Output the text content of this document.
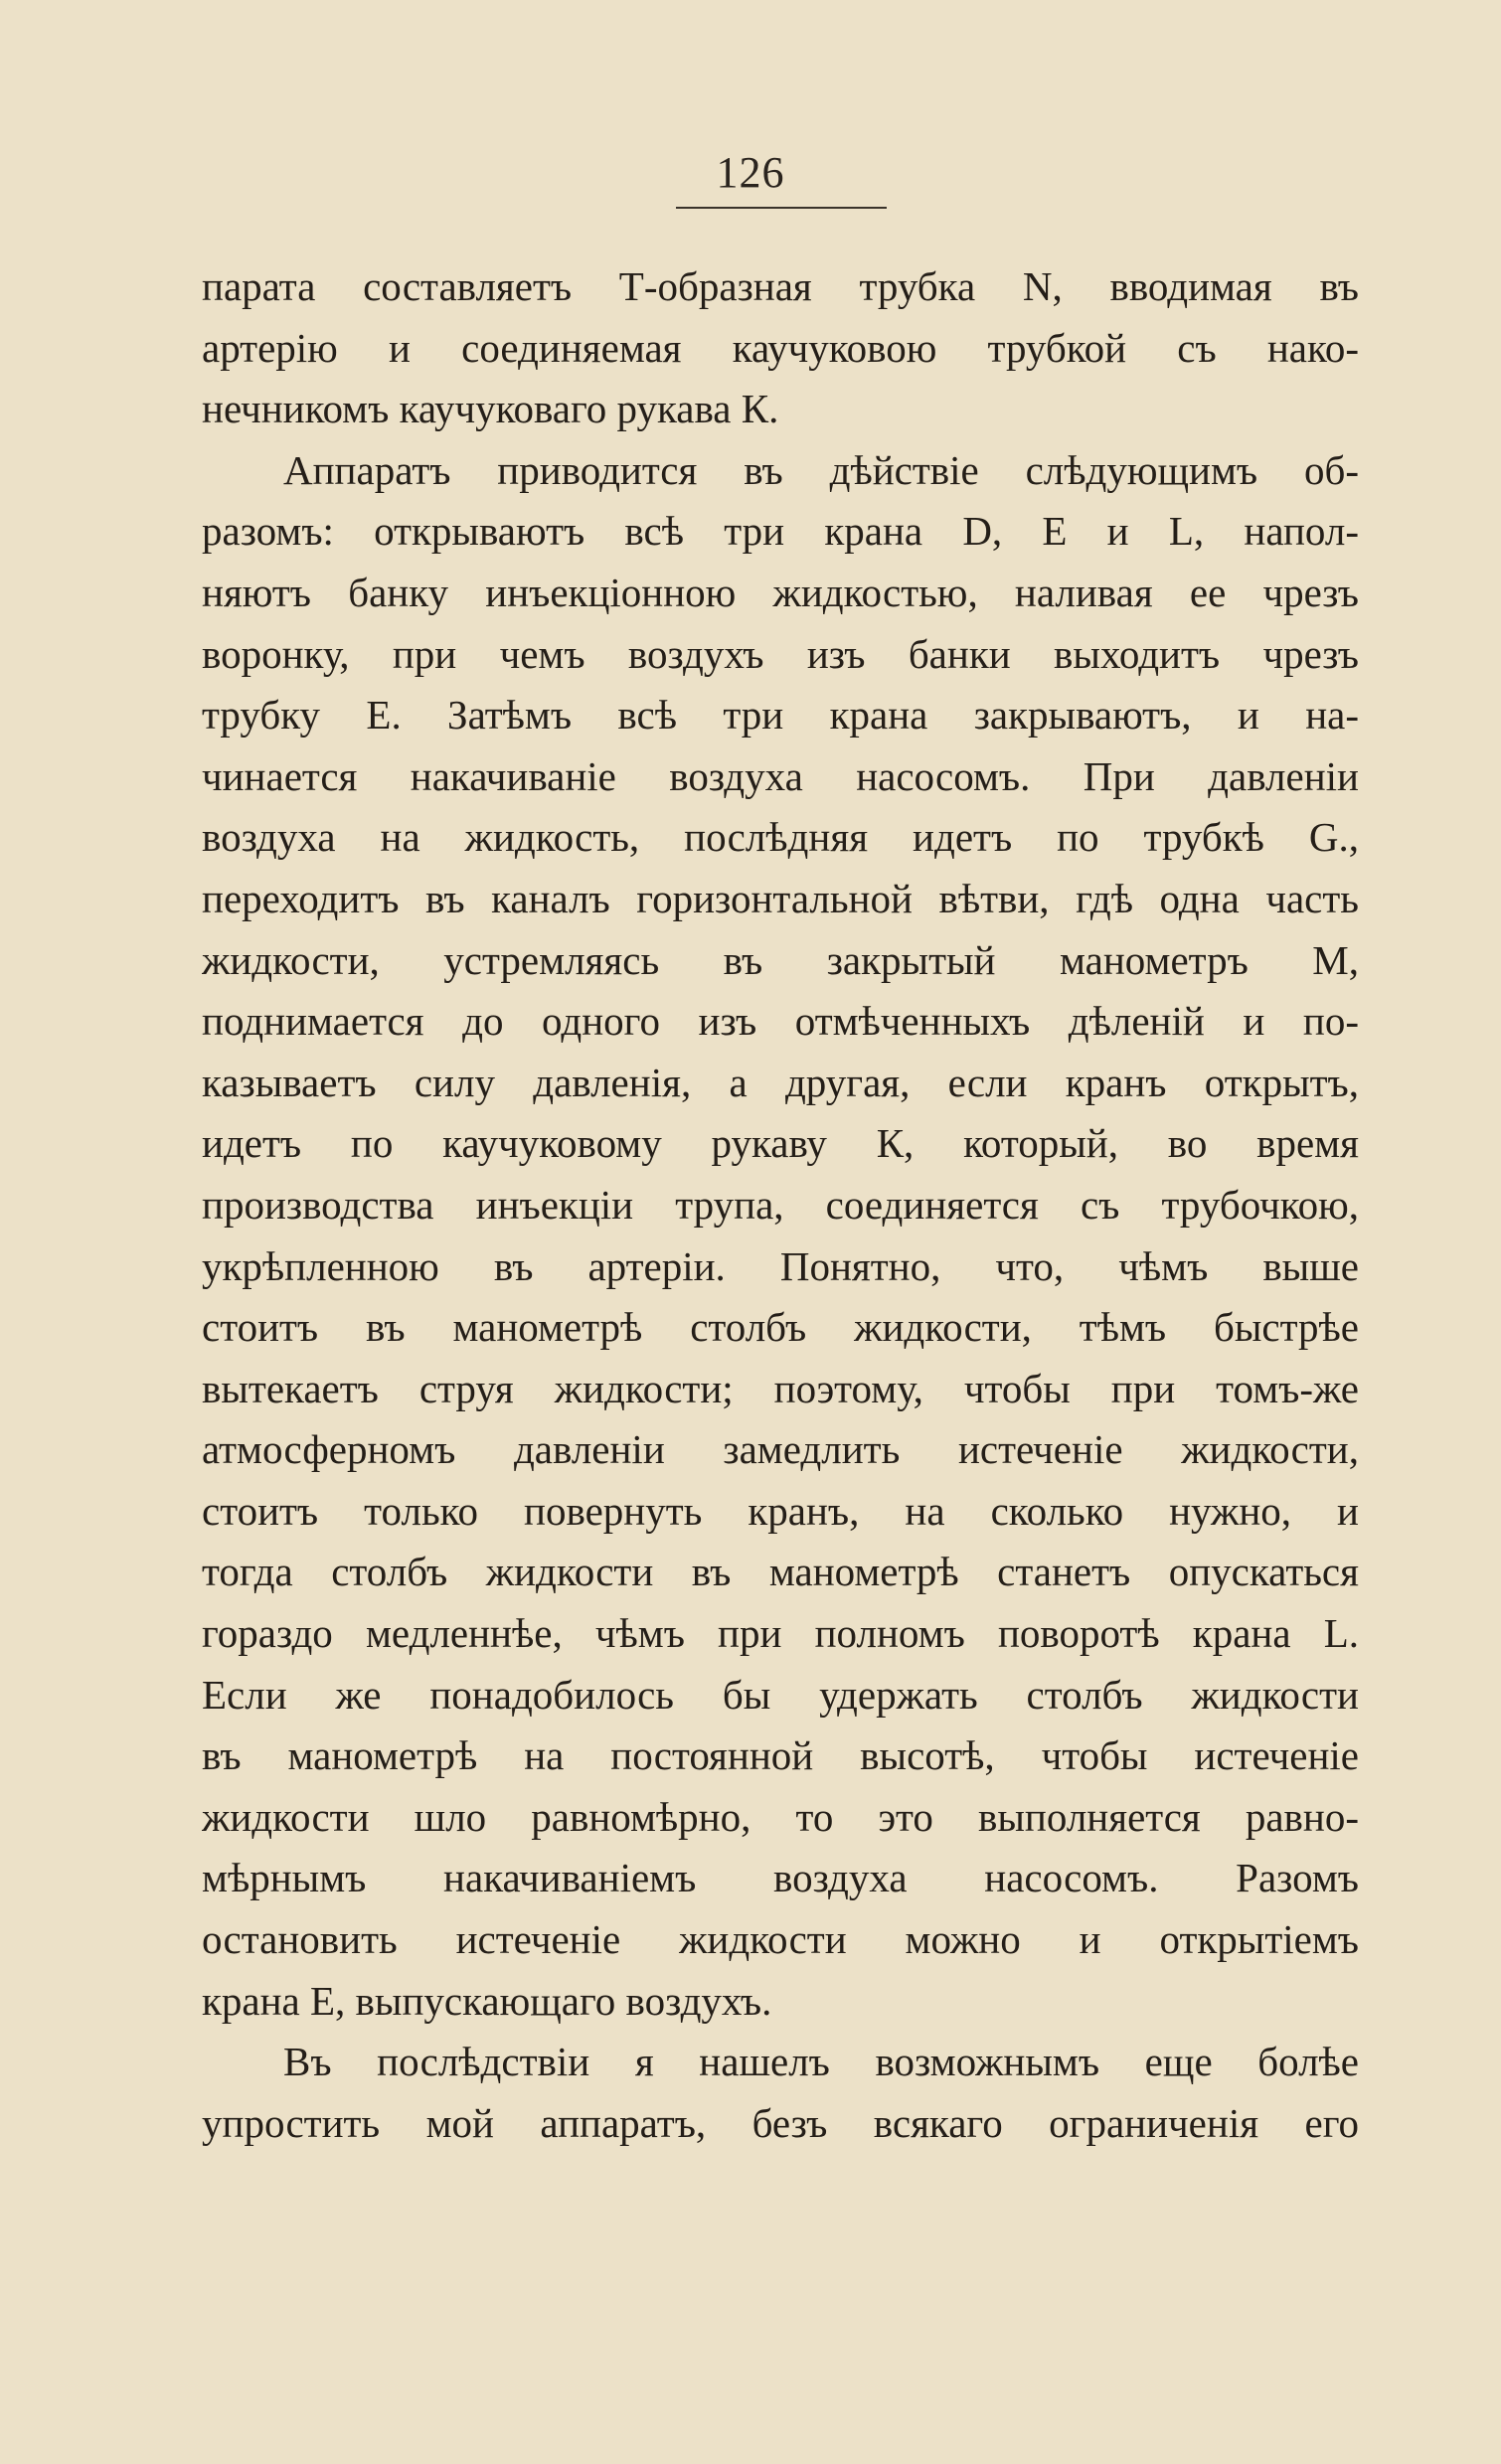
126

парата составляетъ Т-образная трубка N, вводимая въ

артерію и соединяемая каучуковою трубкой съ нако-

нечникомъ каучуковаго рукава К.

Аппаратъ приводится въ дѣйствіе слѣдующимъ об-

разомъ: открываютъ всѣ три крана D, E и L, напол-

няютъ банку инъекціонною жидкостью, наливая ее чрезъ

воронку, при чемъ воздухъ изъ банки выходитъ чрезъ

трубку E. Затѣмъ всѣ три крана закрываютъ, и на-

чинается накачиваніе воздуха насосомъ. При давленіи

воздуха на жидкость, послѣдняя идетъ по трубкѣ G.,

переходитъ въ каналъ горизонтальной вѣтви, гдѣ одна часть

жидкости, устремляясь въ закрытый манометръ M,

поднимается до одного изъ отмѣченныхъ дѣленій и по-

казываетъ силу давленія, а другая, если кранъ открытъ,

идетъ по каучуковому рукаву К, который, во время

производства инъекціи трупа, соединяется съ трубочкою,

укрѣпленною въ артеріи. Понятно, что, чѣмъ выше

стоитъ въ манометрѣ столбъ жидкости, тѣмъ быстрѣе

вытекаетъ струя жидкости; поэтому, чтобы при томъ-же

атмосферномъ давленіи замедлить истеченіе жидкости,

стоитъ только повернуть кранъ, на сколько нужно, и

тогда столбъ жидкости въ манометрѣ станетъ опускаться

гораздо медленнѣе, чѣмъ при полномъ поворотѣ крана L.

Если же понадобилось бы удержать столбъ жидкости

въ манометрѣ на постоянной высотѣ, чтобы истеченіе

жидкости шло равномѣрно, то это выполняется равно-

мѣрнымъ накачиваніемъ воздуха насосомъ. Разомъ

остановить истеченіе жидкости можно и открытіемъ

крана E, выпускающаго воздухъ.

Въ послѣдствіи я нашелъ возможнымъ еще болѣе

упростить мой аппаратъ, безъ всякаго ограниченія его
